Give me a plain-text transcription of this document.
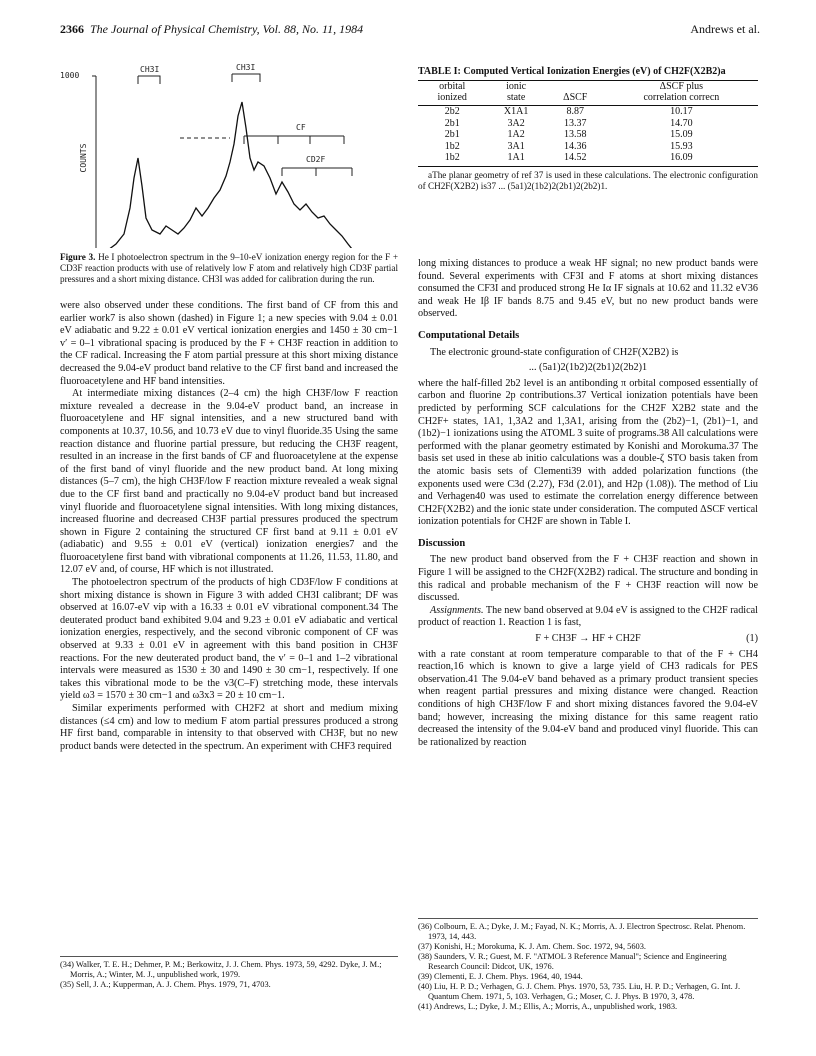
2366 The Journal of Physical Chemistry, Vol. 88, No. 11, 1984	Andrews et al.
1000
COUNTS
CH3I	CH3I
CF
CD2F
Figure 3. He I photoelectron spectrum in the 9–10-eV ionization energy region for the F + CD3F reaction products with use of relatively low F atom and relatively high CD3F partial pressures and a short mixing distance. CH3I was added for calibration during the run.
TABLE I: Computed Vertical Ionization Energies (eV) of CH2F(X2B2)a
orbital	ionic		ΔSCF plus
ionized	state	ΔSCF	correlation correcn
2b2	X1A1	8.87	10.17
2b1	3A2	13.37	14.70
2b1	1A2	13.58	15.09
1b2	3A1	14.36	15.93
1b2	1A1	14.52	16.09
aThe planar geometry of ref 37 is used in these calculations. The electronic configuration of CH2F(X2B2) is37 ... (5a1)2(1b2)2(2b1)2(2b2)1.

were also observed under these conditions. The first band of CF from this and earlier work7 is also shown (dashed) in Figure 1; a new species with 9.04 ± 0.01 eV adiabatic and 9.22 ± 0.01 eV vertical ionization energies and 1450 ± 30 cm−1 v′ = 0–1 vibrational spacing is produced by the F + CH3F reaction in addition to the CF radical. Increasing the F atom partial pressure at this short mixing distance decreased the 9.04-eV product band relative to the CF first band and increased the fluoroacetylene and HF band intensities.

At intermediate mixing distances (2–4 cm) the high CH3F/low F reaction mixture revealed a decrease in the 9.04-eV product band, an increase in fluoroacetylene and HF signal intensities, and a new structured band with components at 10.37, 10.56, and 10.73 eV due to vinyl fluoride.35 Using the same reaction distance and fluorine partial pressure, but reducing the CH3F reagent, resulted in an increase in the first bands of CF and fluoroacetylene at the expense of the first band of vinyl fluoride and the new product band. At long mixing distances (5–7 cm), the high CH3F/low F reaction mixture revealed a weak signal due to the CF first band and practically no 9.04-eV product band but increased vinyl fluoride and fluoroacetylene signal intensities. With long mixing distances, increased fluorine and decreased CH3F partial pressures produced the spectrum shown in Figure 2 containing the structured CF first band at 9.11 ± 0.01 eV (adiabatic) and 9.55 ± 0.01 eV (vertical) ionization energies7 and the fluoroacetylene first band with vibrational components at 11.26, 11.53, 11.80, and 12.07 eV and, of course, HF which is not illustrated.

The photoelectron spectrum of the products of high CD3F/low F conditions at short mixing distance is shown in Figure 3 with added CH3I calibrant; DF was observed at 16.07-eV vip with a 16.33 ± 0.01 eV vibrational component.34 The deuterated product band exhibited 9.04 and 9.23 ± 0.01 eV adiabatic and vertical ionization energies, respectively, and the second vibronic component of CF was observed at 9.33 ± 0.01 eV in agreement with this band position in CH3F reactions. For the new deuterated product band, the v′ = 0–1 and 1–2 vibrational intervals were measured as 1530 ± 30 and 1490 ± 30 cm−1, respectively. If one takes this vibrational mode to be the ν3(C–F) stretching mode, these intervals yield ω3 = 1570 ± 30 cm−1 and ω3x3 = 20 ± 10 cm−1.

Similar experiments performed with CH2F2 at short and medium mixing distances (≤4 cm) and low to medium F atom partial pressures produced a strong HF first band, comparable in intensity to that observed with CH3F, but no new product bands were detected in the spectrum. An experiment with CHF3 required

long mixing distances to produce a weak HF signal; no new product bands were found. Several experiments with CF3I and F atoms at short mixing distances consumed the CF3I and produced strong He Iα IF signals at 10.62 and 11.32 eV36 and weak He Iβ IF bands 8.75 and 9.45 eV, but no new product bands were observed.

Computational Details

The electronic ground-state configuration of CH2F(X2B2) is

... (5a1)2(1b2)2(2b1)2(2b2)1

where the half-filled 2b2 level is an antibonding π orbital composed essentially of carbon and fluorine 2p contributions.37 Vertical ionization potentials have been predicted by performing SCF calculations for the CH2F X2B2 state and the CH2F+ states, 1A1, 1,3A2 and 1,3A1, arising from the (2b2)−1, (2b1)−1, and (1b2)−1 ionizations using the ATOML 3 suite of programs.38 All calculations were performed with the planar geometry estimated by Konishi and Morokuma.37 The basis set used in these ab initio calculations was a double-ζ STO basis taken from the atomic basis sets of Clementi39 with added polarization functions (the exponents used were C3d (2.27), F3d (2.01), and H2p (1.08)). The method of Liu and Verhagen40 was used to estimate the correlation energy difference between CH2F(X2B2) and the ionic state under consideration. The computed ΔSCF vertical ionization potentials for CH2F are shown in Table I.

Discussion

The new product band observed from the F + CH3F reaction and shown in Figure 1 will be assigned to the CH2F(X2B2) radical. The structure and bonding in this radical and probable mechanism of the F + CH3F reaction will now be discussed.

Assignments. The new band observed at 9.04 eV is assigned to the CH2F radical product of reaction 1. Reaction 1 is fast,

F + CH3F → HF + CH2F	(1)

with a rate constant at room temperature comparable to that of the F + CH4 reaction,16 which is known to give a large yield of CH3 radicals for PES observation.41 The 9.04-eV band behaved as a primary product transient species when reagent partial pressures and mixing distance were changed. Reaction conditions of high CH3F/low F and short mixing distances favored the 9.04-eV band; however, increasing the mixing distance for this same reagent ratio decreased the intensity of the 9.04-eV band and produced vinyl fluoride. This can be rationalized by reaction

(34) Walker, T. E. H.; Dehmer, P. M.; Berkowitz, J. J. Chem. Phys. 1973, 59, 4292. Dyke, J. M.; Morris, A.; Winter, M. J., unpublished work, 1979.

(35) Sell, J. A.; Kupperman, A. J. Chem. Phys. 1979, 71, 4703.

(36) Colbourn, E. A.; Dyke, J. M.; Fayad, N. K.; Morris, A. J. Electron Spectrosc. Relat. Phenom. 1973, 14, 443.

(37) Konishi, H.; Morokuma, K. J. Am. Chem. Soc. 1972, 94, 5603.

(38) Saunders, V. R.; Guest, M. F. "ATMOL 3 Reference Manual"; Science and Engineering Research Council: Didcot, UK, 1976.

(39) Clementi, E. J. Chem. Phys. 1964, 40, 1944.

(40) Liu, H. P. D.; Verhagen, G. J. Chem. Phys. 1970, 53, 735. Liu, H. P. D.; Verhagen, G. Int. J. Quantum Chem. 1971, 5, 103. Verhagen, G.; Moser, C. J. Phys. B 1970, 3, 478.

(41) Andrews, L.; Dyke, J. M.; Ellis, A.; Morris, A., unpublished work, 1983.
